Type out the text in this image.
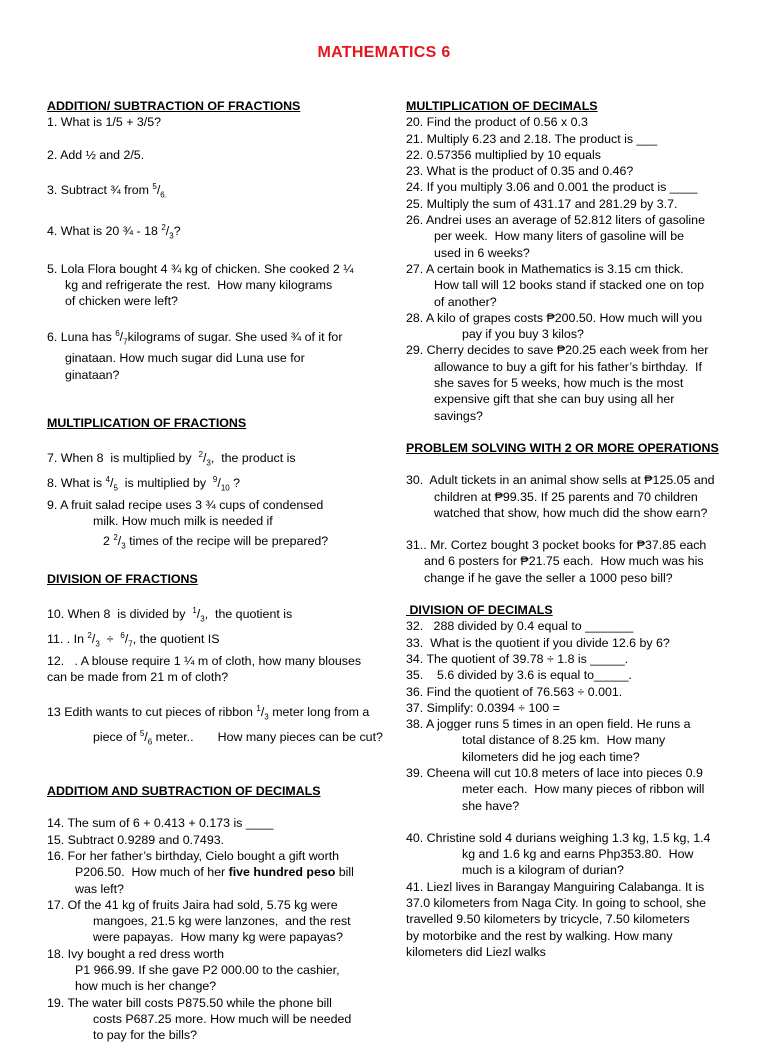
MATHEMATICS 6
ADDITION/ SUBTRACTION OF FRACTIONS
1. What is 1/5 + 3/5?
2. Add ½ and 2/5.
3. Subtract ¾ from $^5/_{6.}$
4. What is 20 ¾ - 18 $^2/_3$?
5. Lola Flora bought 4 ¾ kg of chicken. She cooked 2 ¼
kg and refrigerate the rest.  How many kilograms
of chicken were left?
6. Luna has $^6/_7kilograms$ of sugar. She used ¾ of it for
ginataan. How much sugar did Luna use for
ginataan?
MULTIPLICATION OF FRACTIONS
7. When 8  is multiplied by  $^2/_3$,  the product is
8. What is $^4/_5$  is multiplied by  $^9/_{10}$ ?
9. A fruit salad recipe uses 3 ¾ cups of condensed
milk. How much milk is needed if
2 $^2/_3$ times of the recipe will be prepared?
DIVISION OF FRACTIONS
10. When 8  is divided by  $^1/_3$,  the quotient is
11. . In $^2/_3 \div ^6/_7$, the quotient IS
12.   . A blouse require 1 ¼ m of cloth, how many blouses
can be made from 21 m of cloth?
13 Edith wants to cut pieces of ribbon $^1/_3$ meter long from a
piece of $^5/_6$ meter..       How many pieces can be cut?
ADDITIOM AND SUBTRACTION OF DECIMALS
14. The sum of 6 + 0.413 + 0.173 is ____
15. Subtract 0.9289 and 0.7493.
16. For her father’s birthday, Cielo bought a gift worth
P206.50.  How much of her five hundred peso bill
was left?
17. Of the 41 kg of fruits Jaira had sold, 5.75 kg were
mangoes, 21.5 kg were lanzones,  and the rest
were papayas.  How many kg were papayas?
18. Ivy bought a red dress worth
P1 966.99. If she gave P2 000.00 to the cashier,
how much is her change?
19. The water bill costs P875.50 while the phone bill
costs P687.25 more. How much will be needed
to pay for the bills?
MULTIPLICATION OF DECIMALS
20. Find the product of 0.56 x 0.3
21. Multiply 6.23 and 2.18. The product is ___
22. 0.57356 multiplied by 10 equals
23. What is the product of 0.35 and 0.46?
24. If you multiply 3.06 and 0.001 the product is ____
25. Multiply the sum of 431.17 and 281.29 by 3.7.
26. Andrei uses an average of 52.812 liters of gasoline
per week.  How many liters of gasoline will be
used in 6 weeks?
27. A certain book in Mathematics is 3.15 cm thick.
How tall will 12 books stand if stacked one on top
of another?
28. A kilo of grapes costs ₱200.50. How much will you
pay if you buy 3 kilos?
29. Cherry decides to save ₱20.25 each week from her
allowance to buy a gift for his father’s birthday.  If
she saves for 5 weeks, how much is the most
expensive gift that she can buy using all her
savings?
PROBLEM SOLVING WITH 2 OR MORE OPERATIONS
30.  Adult tickets in an animal show sells at ₱125.05 and
children at ₱99.35. If 25 parents and 70 children
watched that show, how much did the show earn?
31.. Mr. Cortez bought 3 pocket books for ₱37.85 each
and 6 posters for ₱21.75 each.  How much was his
change if he gave the seller a 1000 peso bill?
DIVISION OF DECIMALS
32.   288 divided by 0.4 equal to _______
33.  What is the quotient if you divide 12.6 by 6?
34. The quotient of 39.78 ÷ 1.8 is _____.
35.    5.6 divided by 3.6 is equal to_____.
36. Find the quotient of 76.563 ÷ 0.001.
37. Simplify: 0.0394 ÷ 100 =
38. A jogger runs 5 times in an open field. He runs a
total distance of 8.25 km.  How many
kilometers did he jog each time?
39. Cheena will cut 10.8 meters of lace into pieces 0.9
meter each.  How many pieces of ribbon will
she have?
40. Christine sold 4 durians weighing 1.3 kg, 1.5 kg, 1.4
kg and 1.6 kg and earns Php353.80.  How
much is a kilogram of durian?
41. Liezl lives in Barangay Manguiring Calabanga. It is
37.0 kilometers from Naga City. In going to school, she
travelled 9.50 kilometers by tricycle, 7.50 kilometers
by motorbike and the rest by walking. How many
kilometers did Liezl walks
